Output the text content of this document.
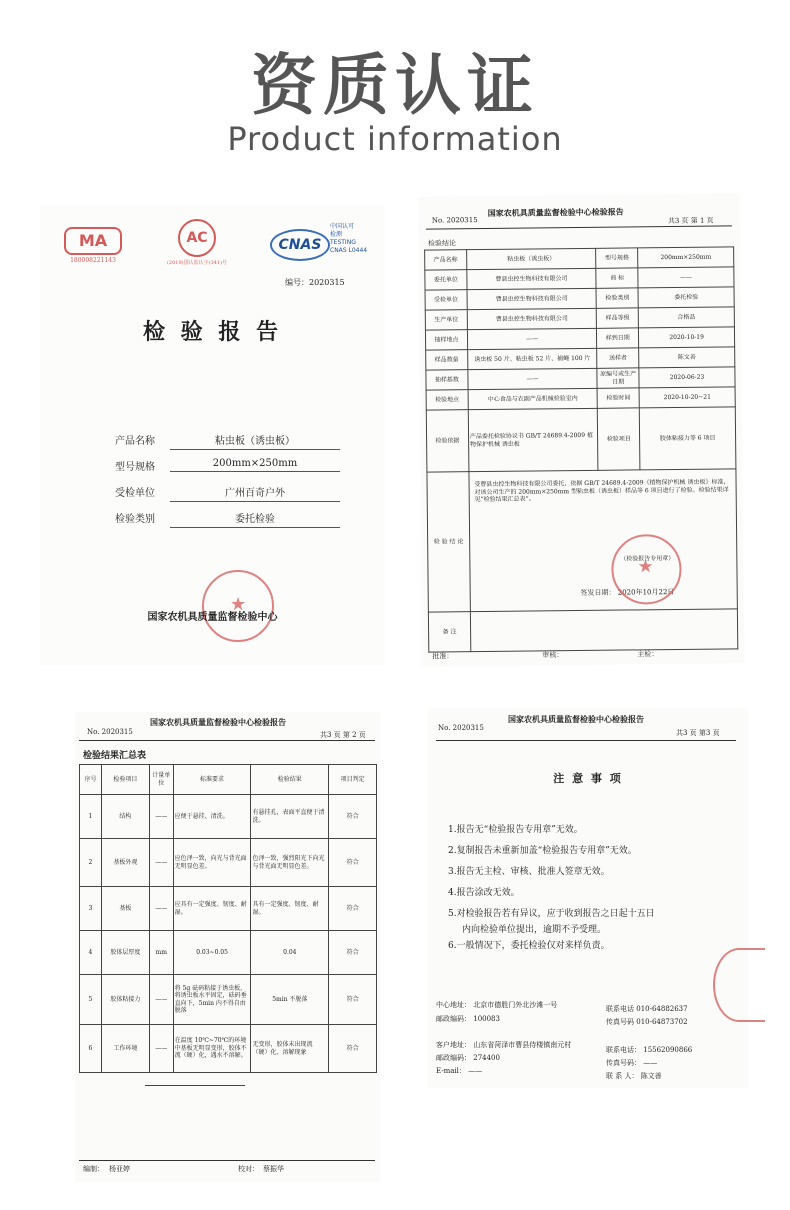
资质认证
Product information
MA
180008221143
AC
(2019)国认监认字(341)号
CNAS
中国认可
检测
TESTING
CNAS L0444
编号：2020315
检 验 报 告
产品名称	粘虫板（诱虫板）
型号规格	200mm×250mm
受检单位	广州百奇户外
检验类别	委托检验
★
国家农机具质量监督检验中心
No. 2020315
国家农机具质量监督检验中心检验报告
共3 页 第 1 页
检验结论
产品名称	粘虫板（诱虫板）	型号规格	200mm×250mm
委托单位	曹县虫控生物科技有限公司	商 标	——
受检单位	曹县虫控生物科技有限公司	检验类别	委托检验
生产单位	曹县虫控生物科技有限公司	样品等级	合格品
抽样地点	——	样到日期	2020-10-19
样品数量	诱虫板 50 片、粘虫板 52 片、捕蝇 100 片	送样者	陈文善
抽样基数	——	原编号或生产日期	2020-06-23
检验地点	中心食品与农副产品机械检验室内	检验时间	2020-10-20~21
检验依据	产品委托检验协议书 GB/T 24689.4-2009 植物保护机械 诱虫板	检验项目	胶体粘接力等 6 项目
检 验 结 论	受曹县虫控生物科技有限公司委托，依据 GB/T 24689.4-2009《植物保护机械 诱虫板》标准，对该公司生产的 200mm×250mm 型粘虫板（诱虫板）样品等 6 项目进行了检验。检验结果详见“检验结果汇总表”。
（检验报告专用章）
签发日期： 2020年10月22日		

备 注			
★
批准：	审核：	主检：
No. 2020315
国家农机具质量监督检验中心检验报告
共3 页 第 2 页
检验结果汇总表
序号	检验项目	计量单位	标准要求	检验结果	项目判定
1	结构	——	应便于悬挂、清洗。	有悬挂孔，表面平直便于清洗。	符合
2	基板外观	——	应色泽一致，向光与背光面无明显色差。	色泽一致，强烈阳光下向光与背光面无明显色差。	符合
3	基板	——	应具有一定强度、韧度、耐湿。	具有一定强度、韧度、耐湿。	符合
4	胶体层厚度	mm	0.03~0.05	0.04	符合
5	胶体粘接力	——	将 5g 砝码粘接于诱虫板，将诱虫板水平固定，砝码垂直向下，5min 内不得自由脱落	5min 不脱落	符合
6	工作环境	——	在温度 10℃~70℃的环境中基板无明显变形，胶体不流（硬）化，遇水不溶解。	无变形，胶体未出现流（硬）化、溶解现象	符合
编制： 杨亚婷	校对： 蔡振华
No. 2020315
国家农机具质量监督检验中心检验报告
共3 页 第3 页
注 意 事 项
1.报告无“检验报告专用章”无效。
2.复制报告未重新加盖“检验报告专用章”无效。
3.报告无主检、审核、批准人签章无效。
4.报告涂改无效。
5.对检验报告若有异议，应于收到报告之日起十五日
内向检验单位提出，逾期不予受理。
6.一般情况下，委托检验仅对来样负责。
中心地址： 北京市德胜门外北沙滩一号
邮政编码： 100083
联系电话 010-64882637
传真号码 010-64873702
客户地址： 山东省菏泽市曹县侍楼镇南元村
邮政编码： 274400
E-mail： ——
联系电话： 15562090866
传真号码： ——
联 系 人： 陈文善
